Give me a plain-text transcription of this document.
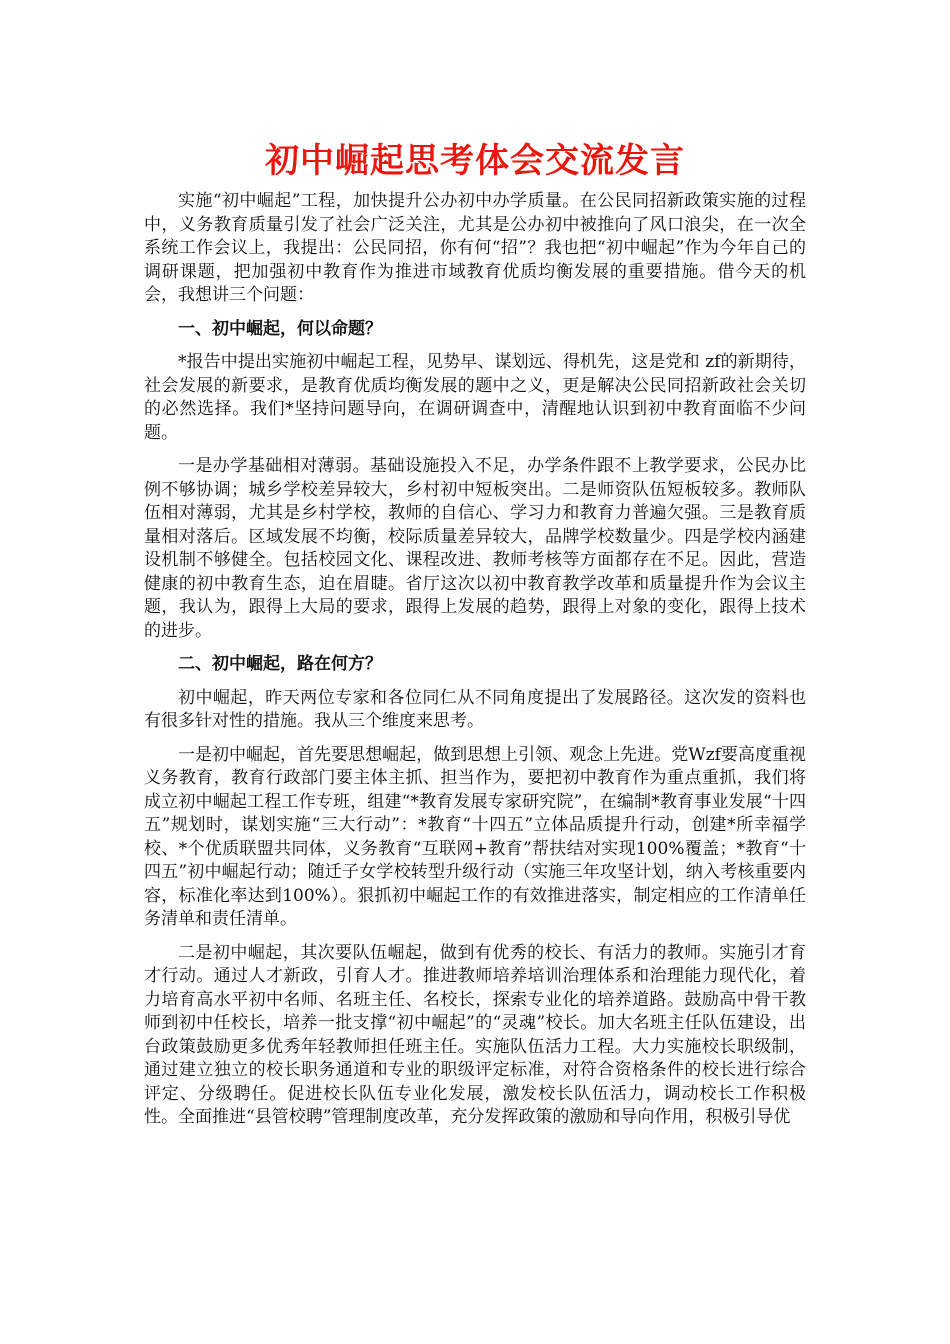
初中崛起思考体会交流发言

实施“初中崛起”工程，加快提升公办初中办学质量。在公民同招新政策实施的过程中，义务教育质量引发了社会广泛关注，尤其是公办初中被推向了风口浪尖，在一次全系统工作会议上，我提出：公民同招，你有何“招”？我也把“初中崛起”作为今年自己的调研课题，把加强初中教育作为推进市域教育优质均衡发展的重要措施。借今天的机会，我想讲三个问题：

一、初中崛起，何以命题？

*报告中提出实施初中崛起工程，见势早、谋划远、得机先，这是党和 zf的新期待，社会发展的新要求，是教育优质均衡发展的题中之义，更是解决公民同招新政社会关切的必然选择。我们*坚持问题导向，在调研调查中，清醒地认识到初中教育面临不少问题。

一是办学基础相对薄弱。基础设施投入不足，办学条件跟不上教学要求，公民办比例不够协调；城乡学校差异较大，乡村初中短板突出。二是师资队伍短板较多。教师队伍相对薄弱，尤其是乡村学校，教师的自信心、学习力和教育力普遍欠强。三是教育质量相对落后。区域发展不均衡，校际质量差异较大，品牌学校数量少。四是学校内涵建设机制不够健全。包括校园文化、课程改进、教师考核等方面都存在不足。因此，营造健康的初中教育生态，迫在眉睫。省厅这次以初中教育教学改革和质量提升作为会议主题，我认为，跟得上大局的要求，跟得上发展的趋势，跟得上对象的变化，跟得上技术的进步。

二、初中崛起，路在何方？

初中崛起，昨天两位专家和各位同仁从不同角度提出了发展路径。这次发的资料也有很多针对性的措施。我从三个维度来思考。

一是初中崛起，首先要思想崛起，做到思想上引领、观念上先进。党Wzf要高度重视义务教育，教育行政部门要主体主抓、担当作为，要把初中教育作为重点重抓，我们将成立初中崛起工程工作专班，组建“*教育发展专家研究院”，在编制*教育事业发展“十四五”规划时，谋划实施“三大行动”：*教育“十四五”立体品质提升行动，创建*所幸福学校、*个优质联盟共同体，义务教育“互联网+教育”帮扶结对实现100%覆盖；*教育“十四五”初中崛起行动；随迁子女学校转型升级行动（实施三年攻坚计划，纳入考核重要内容，标准化率达到100%）。狠抓初中崛起工作的有效推进落实，制定相应的工作清单任务清单和责任清单。

二是初中崛起，其次要队伍崛起，做到有优秀的校长、有活力的教师。实施引才育才行动。通过人才新政，引育人才。推进教师培养培训治理体系和治理能力现代化，着力培育高水平初中名师、名班主任、名校长，探索专业化的培养道路。鼓励高中骨干教师到初中任校长，培养一批支撑“初中崛起”的“灵魂”校长。加大名班主任队伍建设，出台政策鼓励更多优秀年轻教师担任班主任。实施队伍活力工程。大力实施校长职级制，通过建立独立的校长职务通道和专业的职级评定标准，对符合资格条件的校长进行综合评定、分级聘任。促进校长队伍专业化发展，激发校长队伍活力，调动校长工作积极性。全面推进“县管校聘”管理制度改革，充分发挥政策的激励和导向作用，积极引导优
